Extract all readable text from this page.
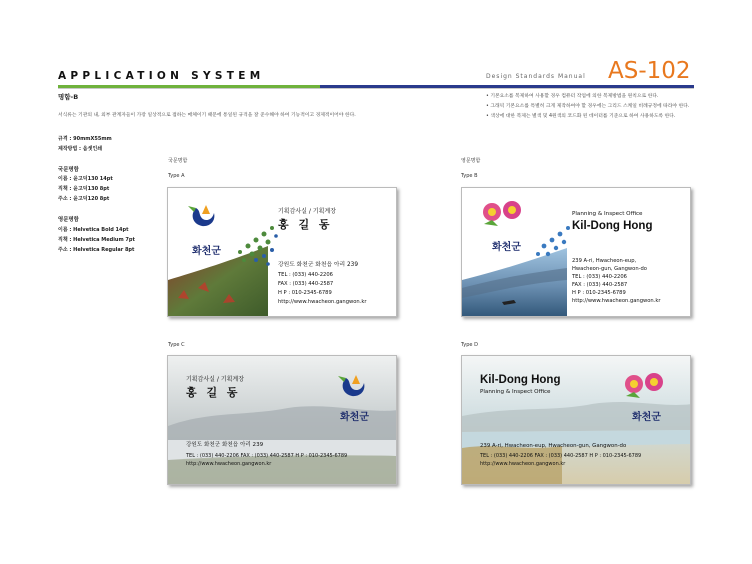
APPLICATION SYSTEM	Design Standards Manual AS-102
명함-B
서식류는 기관의 내, 외부 관계자들이 가장 일상적으로 접하는 매체이기 때문에 통일된 규격을 잘 준수해야 하여 기능적이고 경제적이어야 한다.
• 기본요소를 복제하여 사용할 경우 컴퓨터 작업에 의한 복제방법을 원칙으로 한다.
• 그래픽 기본요소를 특별히 크게 제작하여야 할 경우에는 그리드 스케일 비례규정에 따라야 한다.
• 색상에 대한 복제는 별색 및 4원색의 코드화 된 데이터를 기준으로 하여 사용하도록 한다.
규격 : 90mmX55mm
제작방법 : 옵셋인쇄
국문명함
이름 : 윤고딕130 14pt
직책 : 윤고딕130 8pt
주소 : 윤고딕120 8pt
영문명함
이름 : Helvetica Bold 14pt
직책 : Helvetica Medium 7pt
주소 : Helvetica Regular 8pt
국문명함
Type A
영문명함
Type B
Type C	Type D
화천군
기획감사실 / 기획계장
홍 길 동
강원도 화천군 화천읍 아리 239
TEL : (033) 440-2206
FAX : (033) 440-2587
H P : 010-2345-6789
http://www.hwacheon.gangwon.kr
화천군
Planning & Inspect Office
Kil-Dong Hong
239 A-ri, Hwacheon-eup,
Hwacheon-gun, Gangwon-do
TEL : (033) 440-2206
FAX : (033) 440-2587
H P : 010-2345-6789
http://www.hwacheon.gangwon.kr
화천군
기획감사실 / 기획계장
홍 길 동
강원도 화천군 화천읍 아리 239
TEL : (033) 440-2206 FAX : (033) 440-2587 H P : 010-2345-6789
http://www.hwacheon.gangwon.kr
화천군
Kil-Dong Hong
Planning & Inspect Office
239 A-ri, Hwacheon-eup, Hwacheon-gun, Gangwon-do
TEL : (033) 440-2206 FAX : (033) 440-2587 H P : 010-2345-6789
http://www.hwacheon.gangwon.kr
